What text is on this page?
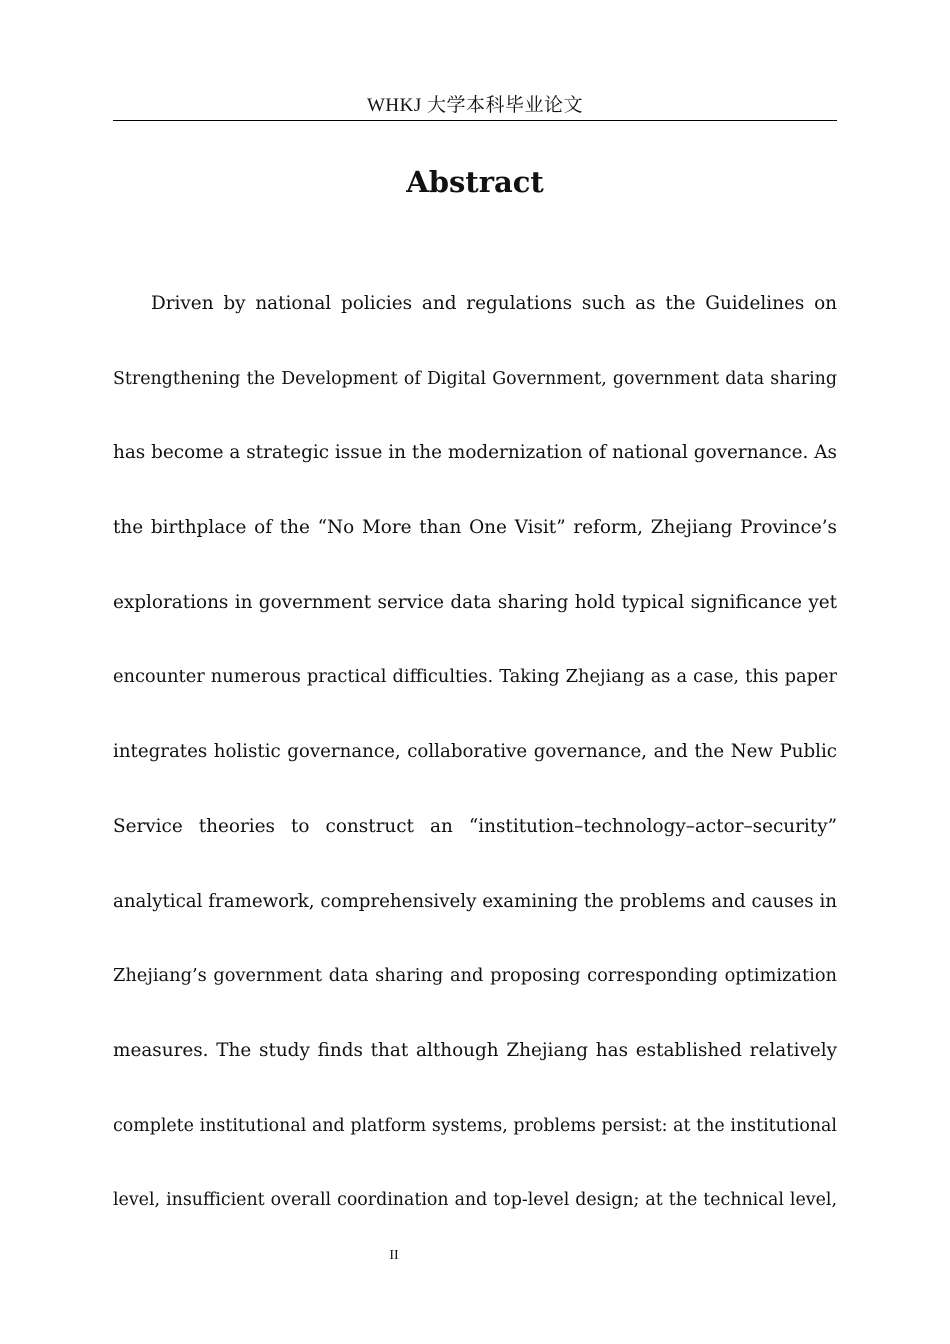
WHKJ 大学本科毕业论文
Abstract
Driven by national policies and regulations such as the Guidelines on
Strengthening the Development of Digital Government, government data sharing
has become a strategic issue in the modernization of national governance. As
the birthplace of the “No More than One Visit” reform, Zhejiang Province’s
explorations in government service data sharing hold typical significance yet
encounter numerous practical difficulties. Taking Zhejiang as a case, this paper
integrates holistic governance, collaborative governance, and the New Public
Service theories to construct an “institution–technology–actor–security”
analytical framework, comprehensively examining the problems and causes in
Zhejiang’s government data sharing and proposing corresponding optimization
measures. The study finds that although Zhejiang has established relatively
complete institutional and platform systems, problems persist: at the institutional
level, insufficient overall coordination and top-level design; at the technical level,
II
